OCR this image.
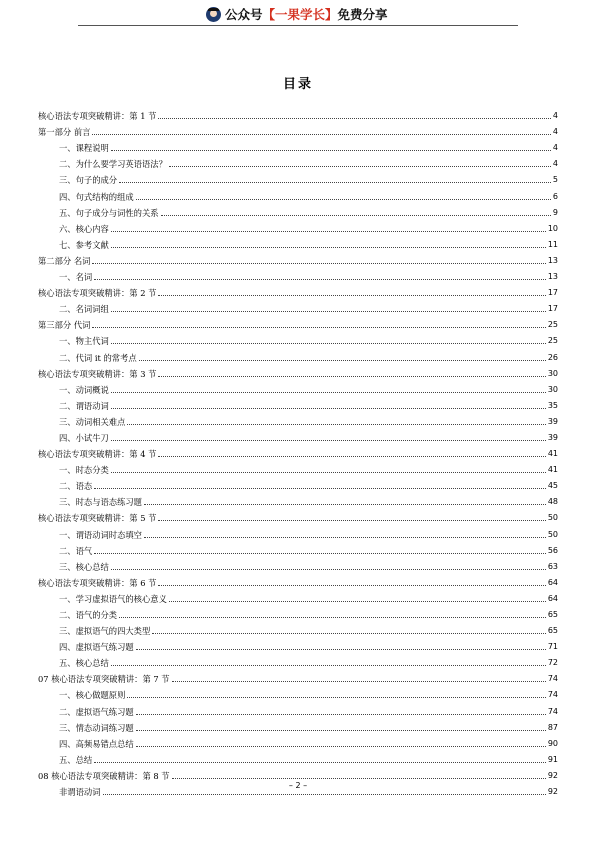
公众号【一果学长】免费分享
目录
核心语法专项突破精讲：第 1 节	4
第一部分 前言	4
一、课程说明	4
二、为什么要学习英语语法？	4
三、句子的成分	5
四、句式结构的组成	6
五、句子成分与词性的关系	9
六、核心内容	10
七、参考文献	11
第二部分 名词	13
一、名词	13
核心语法专项突破精讲：第 2 节	17
二、名词词组	17
第三部分 代词	25
一、物主代词	25
二、代词 it 的常考点	26
核心语法专项突破精讲：第 3 节	30
一、动词概说	30
二、谓语动词	35
三、动词相关难点	39
四、小试牛刀	39
核心语法专项突破精讲：第 4 节	41
一、时态分类	41
二、语态	45
三、时态与语态练习题	48
核心语法专项突破精讲：第 5 节	50
一、谓语动词时态填空	50
二、语气	56
三、核心总结	63
核心语法专项突破精讲：第 6 节	64
一、学习虚拟语气的核心意义	64
二、语气的分类	65
三、虚拟语气的四大类型	65
四、虚拟语气练习题	71
五、核心总结	72
07 核心语法专项突破精讲：第 7 节	74
一、核心做题原则	74
二、虚拟语气练习题	74
三、情态动词练习题	87
四、高频易错点总结	90
五、总结	91
08 核心语法专项突破精讲：第 8 节	92
非谓语动词	92
– 2 –
